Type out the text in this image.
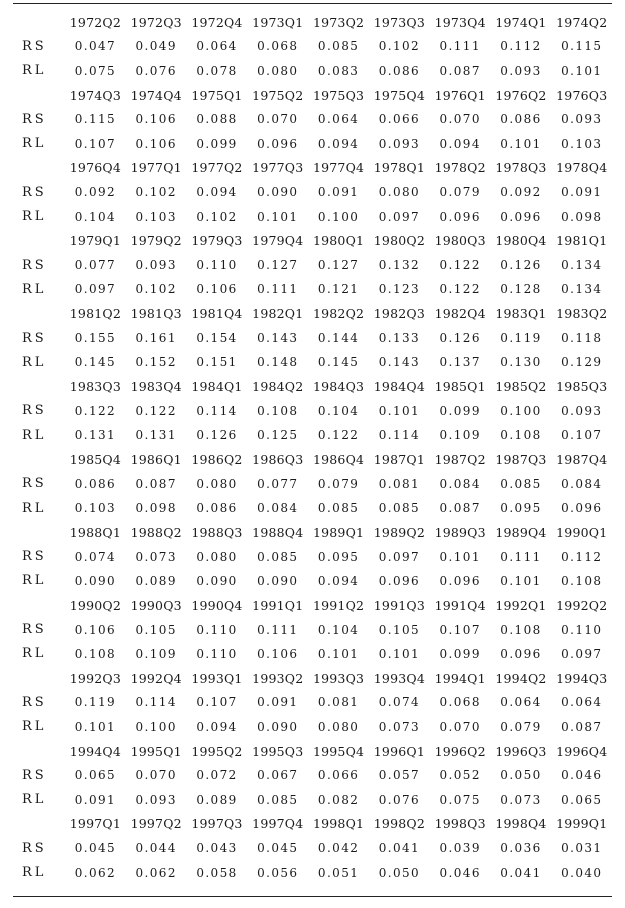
	1972Q2	1972Q3	1972Q4	1973Q1	1973Q2	1973Q3	1973Q4	1974Q1	1974Q2
RS	0.047	0.049	0.064	0.068	0.085	0.102	0.111	0.112	0.115
RL	0.075	0.076	0.078	0.080	0.083	0.086	0.087	0.093	0.101
	1974Q3	1974Q4	1975Q1	1975Q2	1975Q3	1975Q4	1976Q1	1976Q2	1976Q3
RS	0.115	0.106	0.088	0.070	0.064	0.066	0.070	0.086	0.093
RL	0.107	0.106	0.099	0.096	0.094	0.093	0.094	0.101	0.103
	1976Q4	1977Q1	1977Q2	1977Q3	1977Q4	1978Q1	1978Q2	1978Q3	1978Q4
RS	0.092	0.102	0.094	0.090	0.091	0.080	0.079	0.092	0.091
RL	0.104	0.103	0.102	0.101	0.100	0.097	0.096	0.096	0.098
	1979Q1	1979Q2	1979Q3	1979Q4	1980Q1	1980Q2	1980Q3	1980Q4	1981Q1
RS	0.077	0.093	0.110	0.127	0.127	0.132	0.122	0.126	0.134
RL	0.097	0.102	0.106	0.111	0.121	0.123	0.122	0.128	0.134
	1981Q2	1981Q3	1981Q4	1982Q1	1982Q2	1982Q3	1982Q4	1983Q1	1983Q2
RS	0.155	0.161	0.154	0.143	0.144	0.133	0.126	0.119	0.118
RL	0.145	0.152	0.151	0.148	0.145	0.143	0.137	0.130	0.129
	1983Q3	1983Q4	1984Q1	1984Q2	1984Q3	1984Q4	1985Q1	1985Q2	1985Q3
RS	0.122	0.122	0.114	0.108	0.104	0.101	0.099	0.100	0.093
RL	0.131	0.131	0.126	0.125	0.122	0.114	0.109	0.108	0.107
	1985Q4	1986Q1	1986Q2	1986Q3	1986Q4	1987Q1	1987Q2	1987Q3	1987Q4
RS	0.086	0.087	0.080	0.077	0.079	0.081	0.084	0.085	0.084
RL	0.103	0.098	0.086	0.084	0.085	0.085	0.087	0.095	0.096
	1988Q1	1988Q2	1988Q3	1988Q4	1989Q1	1989Q2	1989Q3	1989Q4	1990Q1
RS	0.074	0.073	0.080	0.085	0.095	0.097	0.101	0.111	0.112
RL	0.090	0.089	0.090	0.090	0.094	0.096	0.096	0.101	0.108
	1990Q2	1990Q3	1990Q4	1991Q1	1991Q2	1991Q3	1991Q4	1992Q1	1992Q2
RS	0.106	0.105	0.110	0.111	0.104	0.105	0.107	0.108	0.110
RL	0.108	0.109	0.110	0.106	0.101	0.101	0.099	0.096	0.097
	1992Q3	1992Q4	1993Q1	1993Q2	1993Q3	1993Q4	1994Q1	1994Q2	1994Q3
RS	0.119	0.114	0.107	0.091	0.081	0.074	0.068	0.064	0.064
RL	0.101	0.100	0.094	0.090	0.080	0.073	0.070	0.079	0.087
	1994Q4	1995Q1	1995Q2	1995Q3	1995Q4	1996Q1	1996Q2	1996Q3	1996Q4
RS	0.065	0.070	0.072	0.067	0.066	0.057	0.052	0.050	0.046
RL	0.091	0.093	0.089	0.085	0.082	0.076	0.075	0.073	0.065
	1997Q1	1997Q2	1997Q3	1997Q4	1998Q1	1998Q2	1998Q3	1998Q4	1999Q1
RS	0.045	0.044	0.043	0.045	0.042	0.041	0.039	0.036	0.031
RL	0.062	0.062	0.058	0.056	0.051	0.050	0.046	0.041	0.040
